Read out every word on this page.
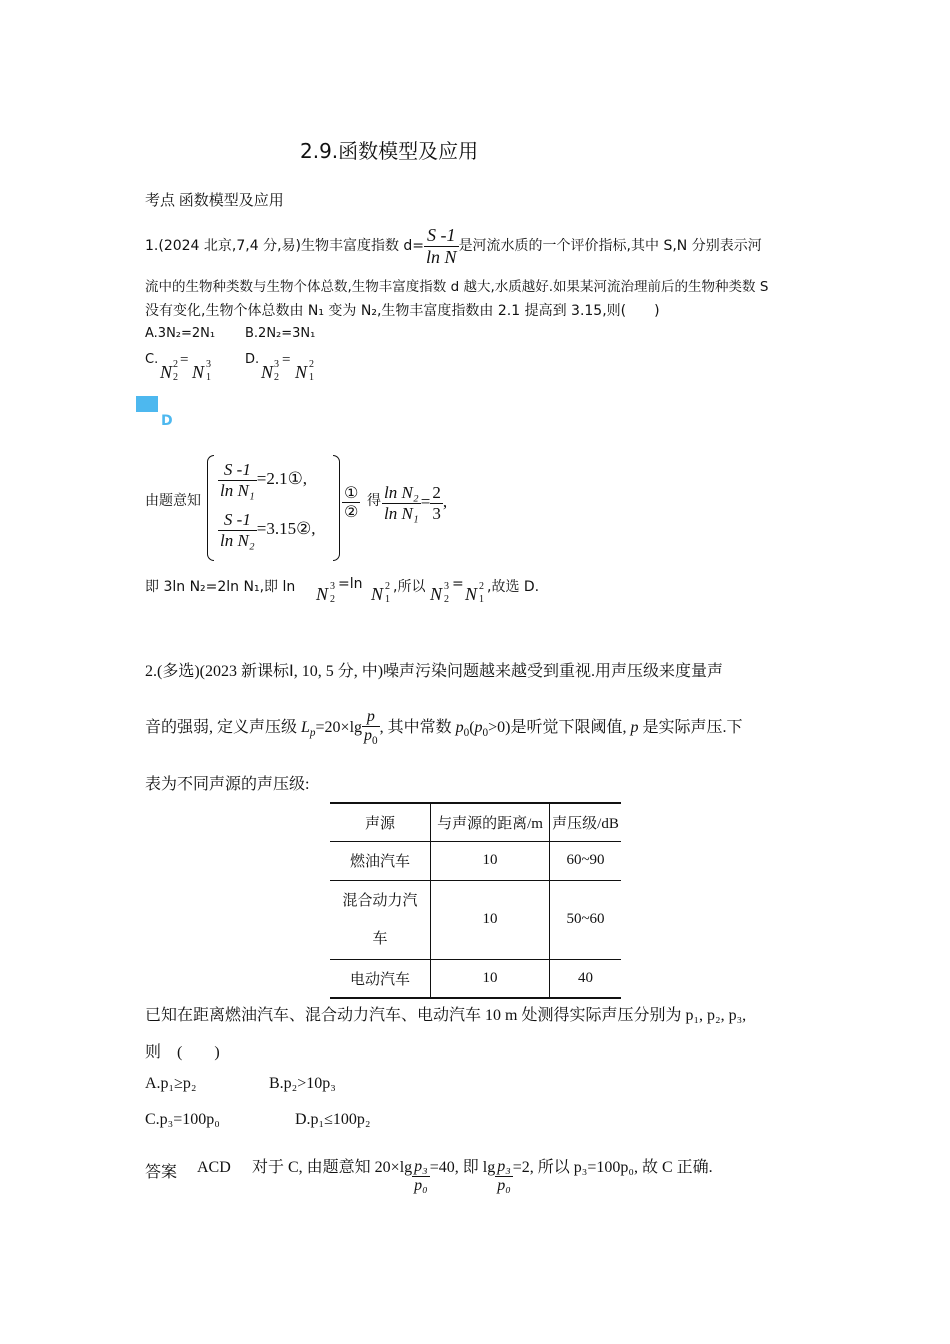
2.9.函数模型及应用
考点 函数模型及应用
1.(2024 北京,7,4 分,易)生物丰富度指数 $d= \frac{S -1}{\text{ln N}}$ 是河流水质的一个评价指标,其中 S,N 分别表示河
流中的生物种类数与生物个体总数,生物丰富度指数 d 越大,水质越好.如果某河流治理前后的生物种类数 S
没有变化,生物个体总数由 N₁ 变为 N₂,生物丰富度指数由 2.1 提高到 3.15,则(　　)
A.3N₂=2N₁ B.2N₂=3N₁
C.
N 2
2
=
N 3
1
D.
N 3
2
=
N 2
1
D
由题意知
$\frac{S -1}{\text{ln N₁}}$ =2.1①,
$\frac{S -1}{\text{ln N₂}}$ =3.15②,
$\frac{\text{①}}{\text{②}}$ 得 $\frac{\text{ln N₂}}{\text{ln N₁}} = \frac{2}{3}$ ,
即 3ln N₂=2ln N₁,即 ln N 3
2
=ln N 2
1
,所以 N 3
2
= N 2
1
,故选 D.
2.(多选)(2023 新课标Ⅰ, 10, 5 分, 中)噪声污染问题越来越受到重视.用声压级来度量声
音的强弱, 定义声压级 $L_p=20\times\lg \frac{p}{p_0}$ , 其中常数 $p_0(p_0>0)$是听觉下限阈值, p 是实际声压.下
表为不同声源的声压级:
声源	与声源的距离/m	声压级/dB
燃油汽车	10	60~90
混合动力汽
车	10	50~60
电动汽车	10	40
已知在距离燃油汽车、混合动力汽车、电动汽车 10 m 处测得实际声压分别为 p₁, p₂, p₃,
则　(　　)
A.p₁≥p₂	B.p₂>10p₃
C.p₃=100p₀	D.p₁≤100p₂
答案 ACD 对于 C, 由题意知 $20\times\lg \frac{\text{p₃}}{\text{p₀}} =40$, 即 $\lg \frac{\text{p₃}}{\text{p₀}} =2$, 所以 p₃=100p₀, 故 C 正确.
